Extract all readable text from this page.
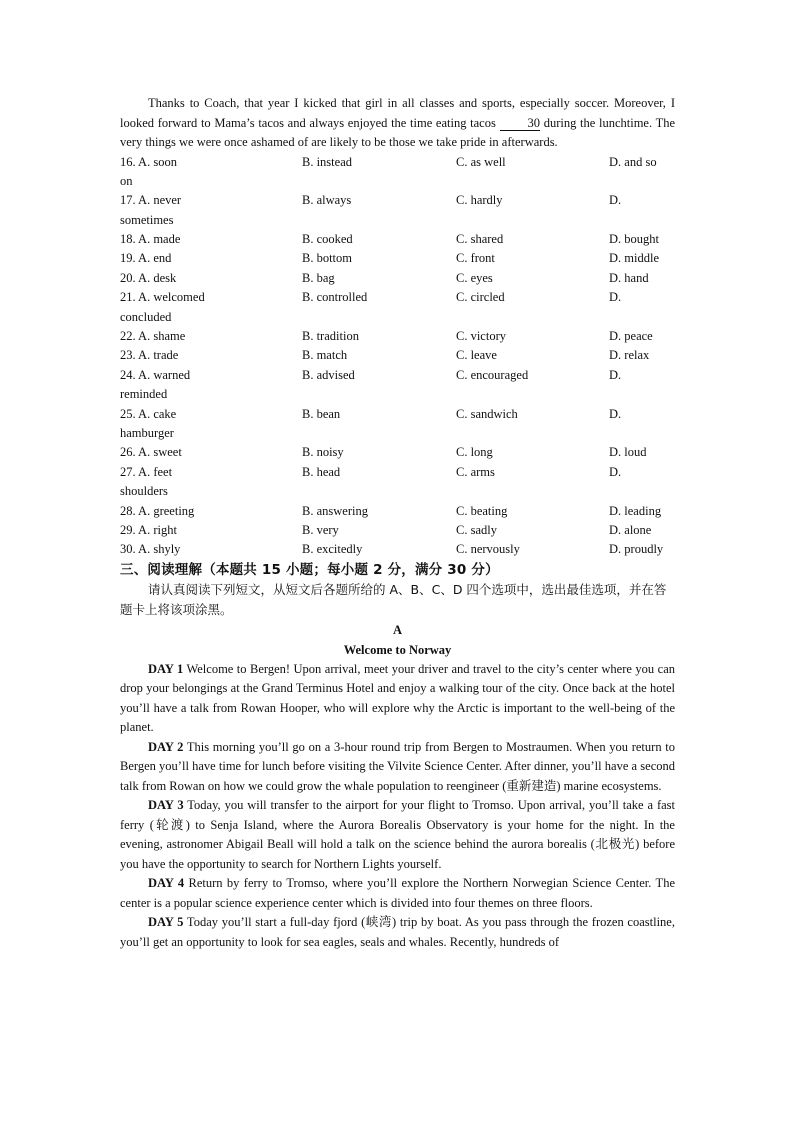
Thanks to Coach, that year I kicked that girl in all classes and sports, especially soccer. Moreover, I looked forward to Mama’s tacos and always enjoyed the time eating tacos 30 during the lunchtime. The very things we were once ashamed of are likely to be those we take pride in afterwards.

16. A. soon	B. instead	C. as well	D. and so
on
17. A. never	B. always	C. hardly	D.
sometimes
18. A. made	B. cooked	C. shared	D. bought
19. A. end	B. bottom	C. front	D. middle
20. A. desk	B. bag	C. eyes	D. hand
21. A. welcomed	B. controlled	C. circled	D.
concluded
22. A. shame	B. tradition	C. victory	D. peace
23. A. trade	B. match	C. leave	D. relax
24. A. warned	B. advised	C. encouraged	D.
reminded
25. A. cake	B. bean	C. sandwich	D.
hamburger
26. A. sweet	B. noisy	C. long	D. loud
27. A. feet	B. head	C. arms	D.
shoulders
28. A. greeting	B. answering	C. beating	D. leading
29. A. right	B. very	C. sadly	D. alone
30. A. shyly	B. excitedly	C. nervously	D. proudly

三、阅读理解（本题共 15 小题；每小题 2 分，满分 30 分）

请认真阅读下列短文，从短文后各题所给的 A、B、C、D 四个选项中，选出最佳选项，并在答题卡上将该项涂黑。

A

Welcome to Norway

DAY 1 Welcome to Bergen! Upon arrival, meet your driver and travel to the city’s center where you can drop your belongings at the Grand Terminus Hotel and enjoy a walking tour of the city. Once back at the hotel you’ll have a talk from Rowan Hooper, who will explore why the Arctic is important to the well-being of the planet.

DAY 2 This morning you’ll go on a 3-hour round trip from Bergen to Mostraumen. When you return to Bergen you’ll have time for lunch before visiting the Vilvite Science Center. After dinner, you’ll have a second talk from Rowan on how we could grow the whale population to reengineer (重新建造) marine ecosystems.

DAY 3 Today, you will transfer to the airport for your flight to Tromso. Upon arrival, you’ll take a fast ferry (轮渡) to Senja Island, where the Aurora Borealis Observatory is your home for the night. In the evening, astronomer Abigail Beall will hold a talk on the science behind the aurora borealis (北极光) before you have the opportunity to search for Northern Lights yourself.

DAY 4 Return by ferry to Tromso, where you’ll explore the Northern Norwegian Science Center. The center is a popular science experience center which is divided into four themes on three floors.

DAY 5 Today you’ll start a full-day fjord (峡湾) trip by boat. As you pass through the frozen coastline, you’ll get an opportunity to look for sea eagles, seals and whales. Recently, hundreds of
